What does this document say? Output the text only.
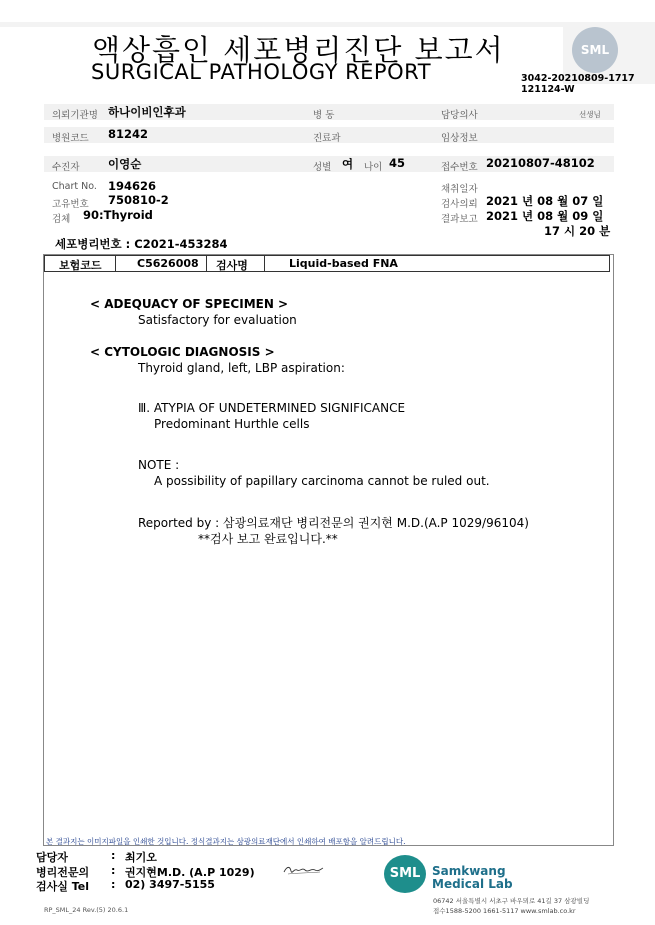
액상흡인 세포병리진단 보고서
SURGICAL PATHOLOGY REPORT
SML
3042-20210809-1717
121124-W
의뢰기관명 하나이비인후과	병 동	담당의사	선생님
병원코드 81242	진료과	임상정보
수진자 이영순	성별 여 나이 45	접수번호 20210807-48102
Chart No. 194626	채취일자
고유번호 750810-2	검사의뢰 2021 년 08 월 07 일
검체 90:Thyroid	결과보고 2021 년 08 월 09 일
17 시 20 분
세포병리번호 : C2021-453284
보험코드	C5626008 검사명	Liquid-based FNA
< ADEQUACY OF SPECIMEN >
Satisfactory for evaluation
< CYTOLOGIC DIAGNOSIS >
Thyroid gland, left, LBP aspiration:
Ⅲ. ATYPIA OF UNDETERMINED SIGNIFICANCE
Predominant Hurthle cells
NOTE :
A possibility of papillary carcinoma cannot be ruled out.
Reported by : 삼광의료재단 병리전문의 권지현 M.D.(A.P 1029/96104)
**검사 보고 완료입니다.**
본 결과지는 이미지파일을 인쇄한 것입니다. 정식결과지는 삼광의료재단에서 인쇄하여 배포함을 알려드립니다.
담당자	: 최기오
병리전문의 : 권지현M.D. (A.P 1029)
검사실 Tel : 02) 3497-5155
SML Samkwang
Medical Lab
06742 서울특별시 서초구 바우뫼로 41길 37 삼광빌딩
접수1588-5200 1661-5117 www.smlab.co.kr
RP_SML_24 Rev.(5) 20.6.1
